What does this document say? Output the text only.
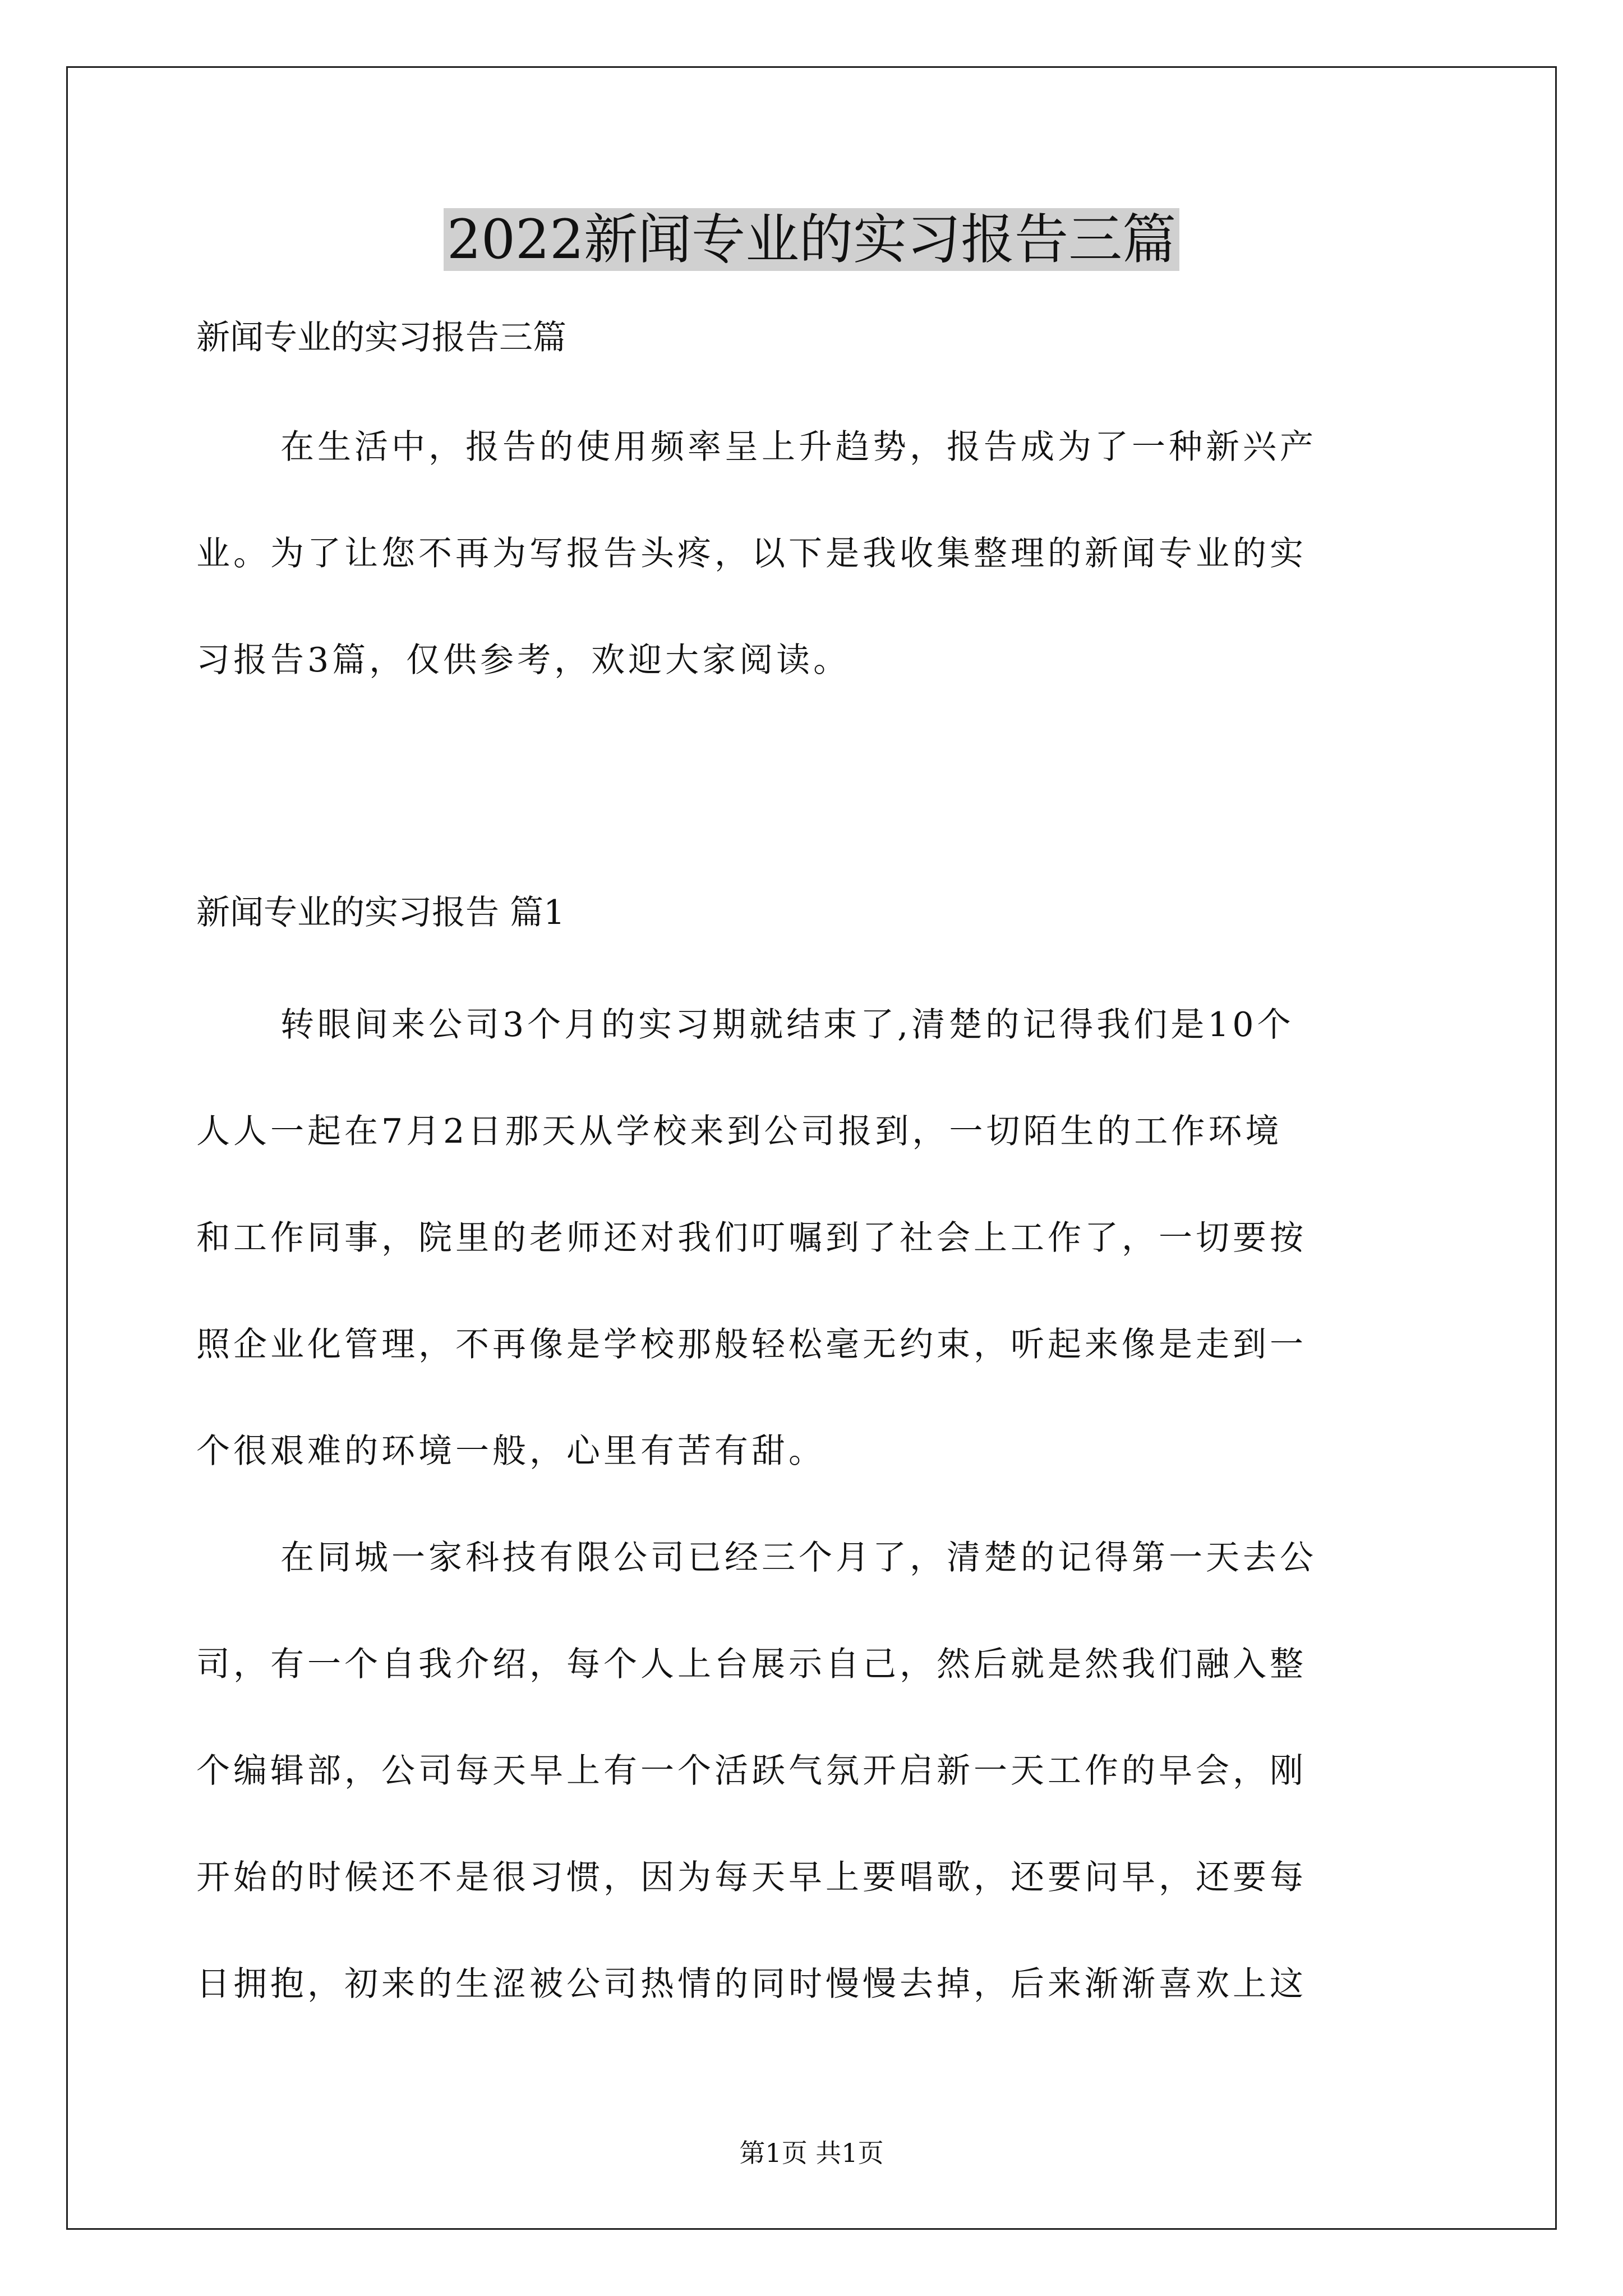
2022新闻专业的实习报告三篇

新闻专业的实习报告三篇

在生活中，报告的使用频率呈上升趋势，报告成为了一种新兴产
业。为了让您不再为写报告头疼，以下是我收集整理的新闻专业的实
习报告3篇，仅供参考，欢迎大家阅读。

新闻专业的实习报告 篇1

转眼间来公司3个月的实习期就结束了,清楚的记得我们是10个
人人一起在7月2日那天从学校来到公司报到，一切陌生的工作环境
和工作同事，院里的老师还对我们叮嘱到了社会上工作了，一切要按
照企业化管理，不再像是学校那般轻松毫无约束，听起来像是走到一
个很艰难的环境一般，心里有苦有甜。
在同城一家科技有限公司已经三个月了，清楚的记得第一天去公
司，有一个自我介绍，每个人上台展示自己，然后就是然我们融入整
个编辑部，公司每天早上有一个活跃气氛开启新一天工作的早会，刚
开始的时候还不是很习惯，因为每天早上要唱歌，还要问早，还要每
日拥抱，初来的生涩被公司热情的同时慢慢去掉，后来渐渐喜欢上这

第1页 共1页
